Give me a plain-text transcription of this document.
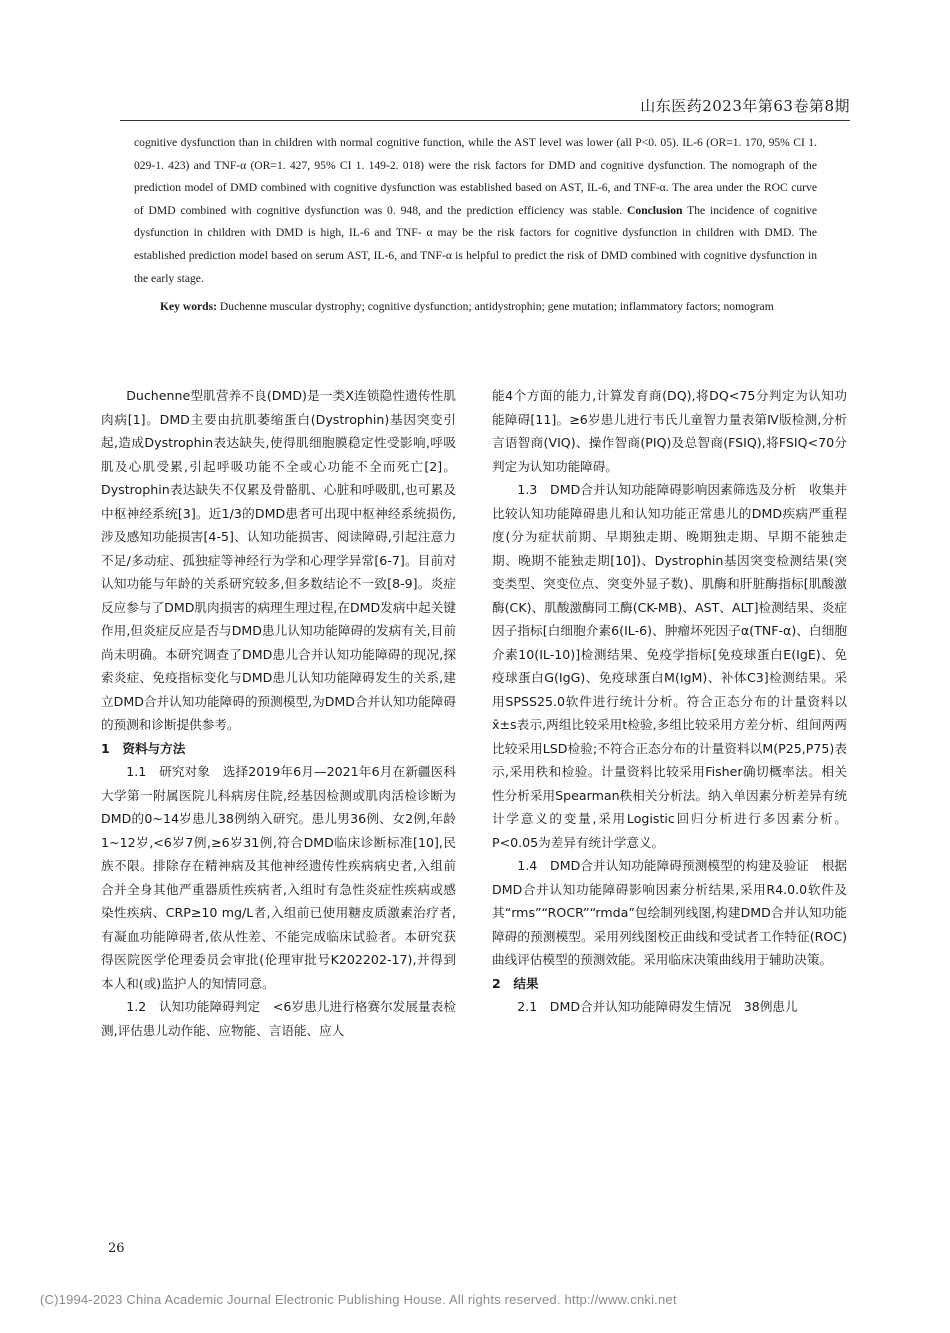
山东医药2023年第63卷第8期

cognitive dysfunction than in children with normal cognitive function, while the AST level was lower (all P<0. 05). IL-6 (OR=1. 170, 95% CI 1. 029-1. 423) and TNF-α (OR=1. 427, 95% CI 1. 149-2. 018) were the risk factors for DMD and cognitive dysfunction. The nomograph of the prediction model of DMD combined with cognitive dysfunction was established based on AST, IL-6, and TNF-α. The area under the ROC curve of DMD combined with cognitive dysfunction was 0. 948, and the prediction efficiency was stable. Conclusion The incidence of cognitive dysfunction in children with DMD is high, IL-6 and TNF- α may be the risk factors for cognitive dysfunction in children with DMD. The established prediction model based on serum AST, IL-6, and TNF-α is helpful to predict the risk of DMD combined with cognitive dysfunction in the early stage.

Key words: Duchenne muscular dystrophy; cognitive dysfunction; antidystrophin; gene mutation; inflammatory factors; nomogram

Duchenne型肌营养不良(DMD)是一类X连锁隐性遗传性肌肉病[1]。DMD主要由抗肌萎缩蛋白(Dystrophin)基因突变引起,造成Dystrophin表达缺失,使得肌细胞膜稳定性受影响,呼吸肌及心肌受累,引起呼吸功能不全或心功能不全而死亡[2]。Dystrophin表达缺失不仅累及骨骼肌、心脏和呼吸肌,也可累及中枢神经系统[3]。近1/3的DMD患者可出现中枢神经系统损伤,涉及感知功能损害[4-5]、认知功能损害、阅读障碍,引起注意力不足/多动症、孤独症等神经行为学和心理学异常[6-7]。目前对认知功能与年龄的关系研究较多,但多数结论不一致[8-9]。炎症反应参与了DMD肌肉损害的病理生理过程,在DMD发病中起关键作用,但炎症反应是否与DMD患儿认知功能障碍的发病有关,目前尚未明确。本研究调查了DMD患儿合并认知功能障碍的现况,探索炎症、免疫指标变化与DMD患儿认知功能障碍发生的关系,建立DMD合并认知功能障碍的预测模型,为DMD合并认知功能障碍的预测和诊断提供参考。

1　资料与方法

1.1　研究对象　选择2019年6月—2021年6月在新疆医科大学第一附属医院儿科病房住院,经基因检测或肌肉活检诊断为DMD的0~14岁患儿38例纳入研究。患儿男36例、女2例,年龄1~12岁,<6岁7例,≥6岁31例,符合DMD临床诊断标准[10],民族不限。排除存在精神病及其他神经遗传性疾病病史者,入组前合并全身其他严重器质性疾病者,入组时有急性炎症性疾病或感染性疾病、CRP≥10 mg/L者,入组前已使用糖皮质激素治疗者,有凝血功能障碍者,依从性差、不能完成临床试验者。本研究获得医院医学伦理委员会审批(伦理审批号K202202-17),并得到本人和(或)监护人的知情同意。

1.2　认知功能障碍判定　<6岁患儿进行格赛尔发展量表检测,评估患儿动作能、应物能、言语能、应人

能4个方面的能力,计算发育商(DQ),将DQ<75分判定为认知功能障碍[11]。≥6岁患儿进行韦氏儿童智力量表第Ⅳ版检测,分析言语智商(VIQ)、操作智商(PIQ)及总智商(FSIQ),将FSIQ<70分判定为认知功能障碍。

1.3　DMD合并认知功能障碍影响因素筛选及分析　收集并比较认知功能障碍患儿和认知功能正常患儿的DMD疾病严重程度(分为症状前期、早期独走期、晚期独走期、早期不能独走期、晚期不能独走期[10])、Dystrophin基因突变检测结果(突变类型、突变位点、突变外显子数)、肌酶和肝脏酶指标[肌酸激酶(CK)、肌酸激酶同工酶(CK-MB)、AST、ALT]检测结果、炎症因子指标[白细胞介素6(IL-6)、肿瘤坏死因子α(TNF-α)、白细胞介素10(IL-10)]检测结果、免疫学指标[免疫球蛋白E(IgE)、免疫球蛋白G(IgG)、免疫球蛋白M(IgM)、补体C3]检测结果。采用SPSS25.0软件进行统计分析。符合正态分布的计量资料以x̄±s表示,两组比较采用t检验,多组比较采用方差分析、组间两两比较采用LSD检验;不符合正态分布的计量资料以M(P25,P75)表示,采用秩和检验。计量资料比较采用Fisher确切概率法。相关性分析采用Spearman秩相关分析法。纳入单因素分析差异有统计学意义的变量,采用Logistic回归分析进行多因素分析。P<0.05为差异有统计学意义。

1.4　DMD合并认知功能障碍预测模型的构建及验证　根据DMD合并认知功能障碍影响因素分析结果,采用R4.0.0软件及其“rms”“ROCR”“rmda”包绘制列线图,构建DMD合并认知功能障碍的预测模型。采用列线图校正曲线和受试者工作特征(ROC)曲线评估模型的预测效能。采用临床决策曲线用于辅助决策。

2　结果

2.1　DMD合并认知功能障碍发生情况　38例患儿

26
(C)1994-2023 China Academic Journal Electronic Publishing House. All rights reserved. http://www.cnki.net
